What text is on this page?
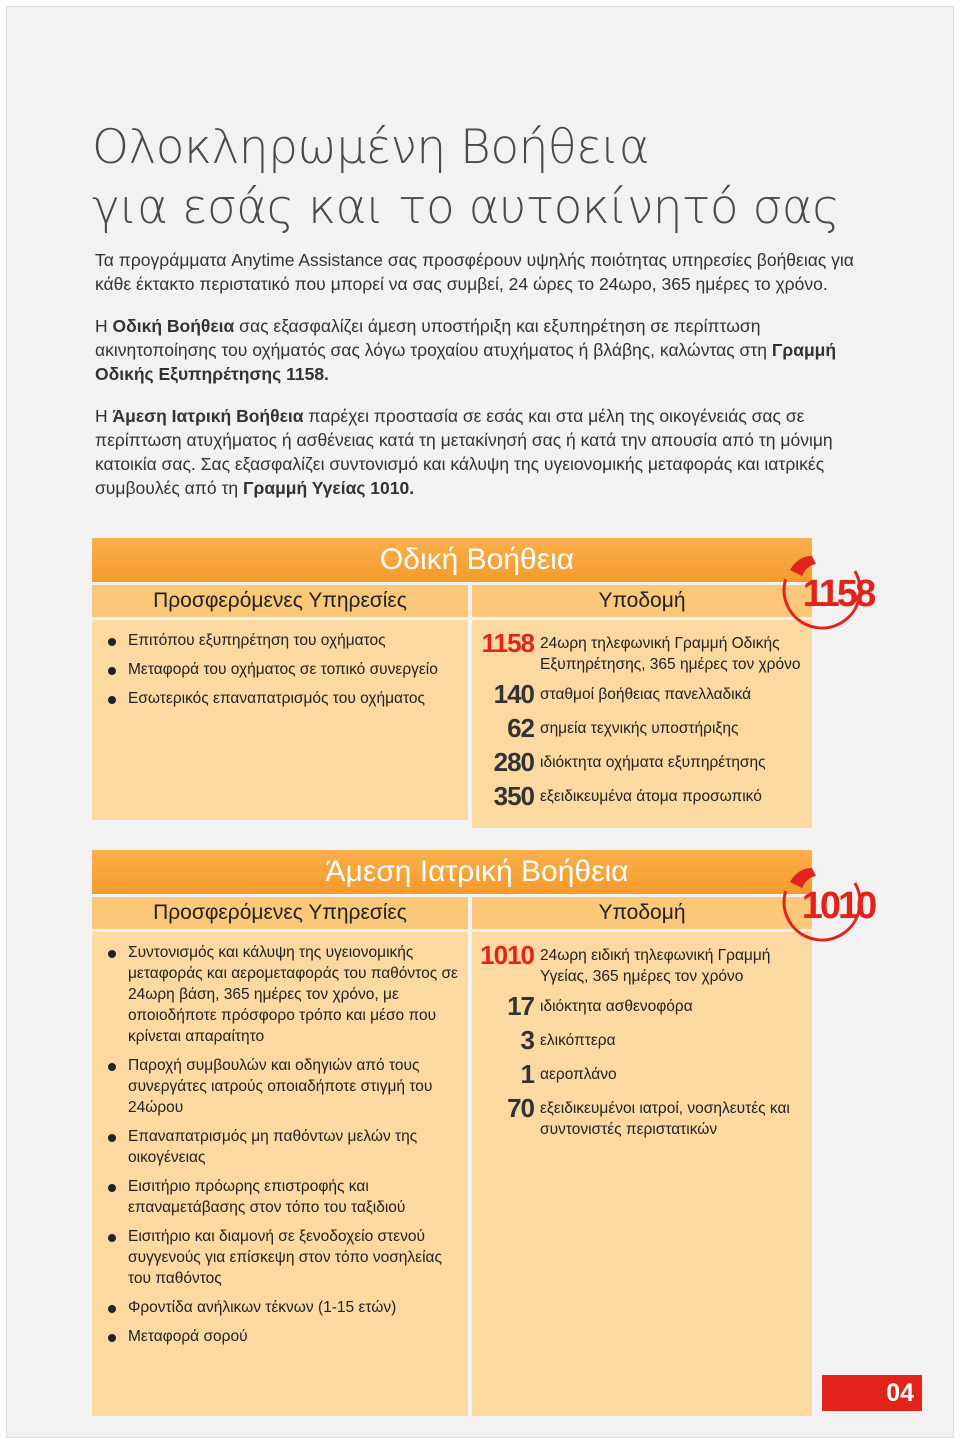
Ολοκληρωμένη Βοήθεια
για εσάς και το αυτοκίνητό σας

Τα προγράμματα Anytime Assistance σας προσφέρουν υψηλής ποιότητας υπηρεσίες βοήθειας για κάθε έκτακτο περιστατικό που μπορεί να σας συμβεί, 24 ώρες το 24ωρο, 365 ημέρες το χρόνο.

Η Οδική Βοήθεια σας εξασφαλίζει άμεση υποστήριξη και εξυπηρέτηση σε περίπτωση ακινητοποίησης του οχήματός σας λόγω τροχαίου ατυχήματος ή βλάβης, καλώντας στη Γραμμή Οδικής Εξυπηρέτησης 1158.

Η Άμεση Ιατρική Βοήθεια παρέχει προστασία σε εσάς και στα μέλη της οικογένειάς σας σε περίπτωση ατυχήματος ή ασθένειας κατά τη μετακίνησή σας ή κατά την απουσία από τη μόνιμη κατοικία σας. Σας εξασφαλίζει συντονισμό και κάλυψη της υγειονομικής μεταφοράς και ιατρικές συμβουλές από τη Γραμμή Υγείας 1010.

Οδική Βοήθεια
Προσφερόμενες Υπηρεσίες	Υποδομή
Επιτόπου εξυπηρέτηση του οχήματος
Μεταφορά του οχήματος σε τοπικό συνεργείο
Εσωτερικός επαναπατρισμός του οχήματος
1158 24ωρη τηλεφωνική Γραμμή Οδικής Εξυπηρέτησης, 365 ημέρες τον χρόνο
140 σταθμοί βοήθειας πανελλαδικά
62 σημεία τεχνικής υποστήριξης
280 ιδιόκτητα οχήματα εξυπηρέτησης
350 εξειδικευμένα άτομα προσωπικό
Άμεση Ιατρική Βοήθεια
Προσφερόμενες Υπηρεσίες	Υποδομή
Συντονισμός και κάλυψη της υγειονομικής μεταφοράς και αερομεταφοράς του παθόντος σε 24ωρη βάση, 365 ημέρες τον χρόνο, με οποιοδήποτε πρόσφορο τρόπο και μέσο που κρίνεται απαραίτητο
Παροχή συμβουλών και οδηγιών από τους συνεργάτες ιατρούς οποιαδήποτε στιγμή του 24ώρου
Επαναπατρισμός μη παθόντων μελών της οικογένειας
Εισιτήριο πρόωρης επιστροφής και επαναμετάβασης στον τόπο του ταξιδιού
Εισιτήριο και διαμονή σε ξενοδοχείο στενού συγγενούς για επίσκεψη στον τόπο νοσηλείας του παθόντος
Φροντίδα ανήλικων τέκνων (1-15 ετών)
Μεταφορά σορού
1010 24ωρη ειδική τηλεφωνική Γραμμή Υγείας, 365 ημέρες τον χρόνο
17 ιδιόκτητα ασθενοφόρα
3 ελικόπτερα
1 αεροπλάνο
70 εξειδικευμένοι ιατροί, νοσηλευτές και συντονιστές περιστατικών
1158
1010
04
